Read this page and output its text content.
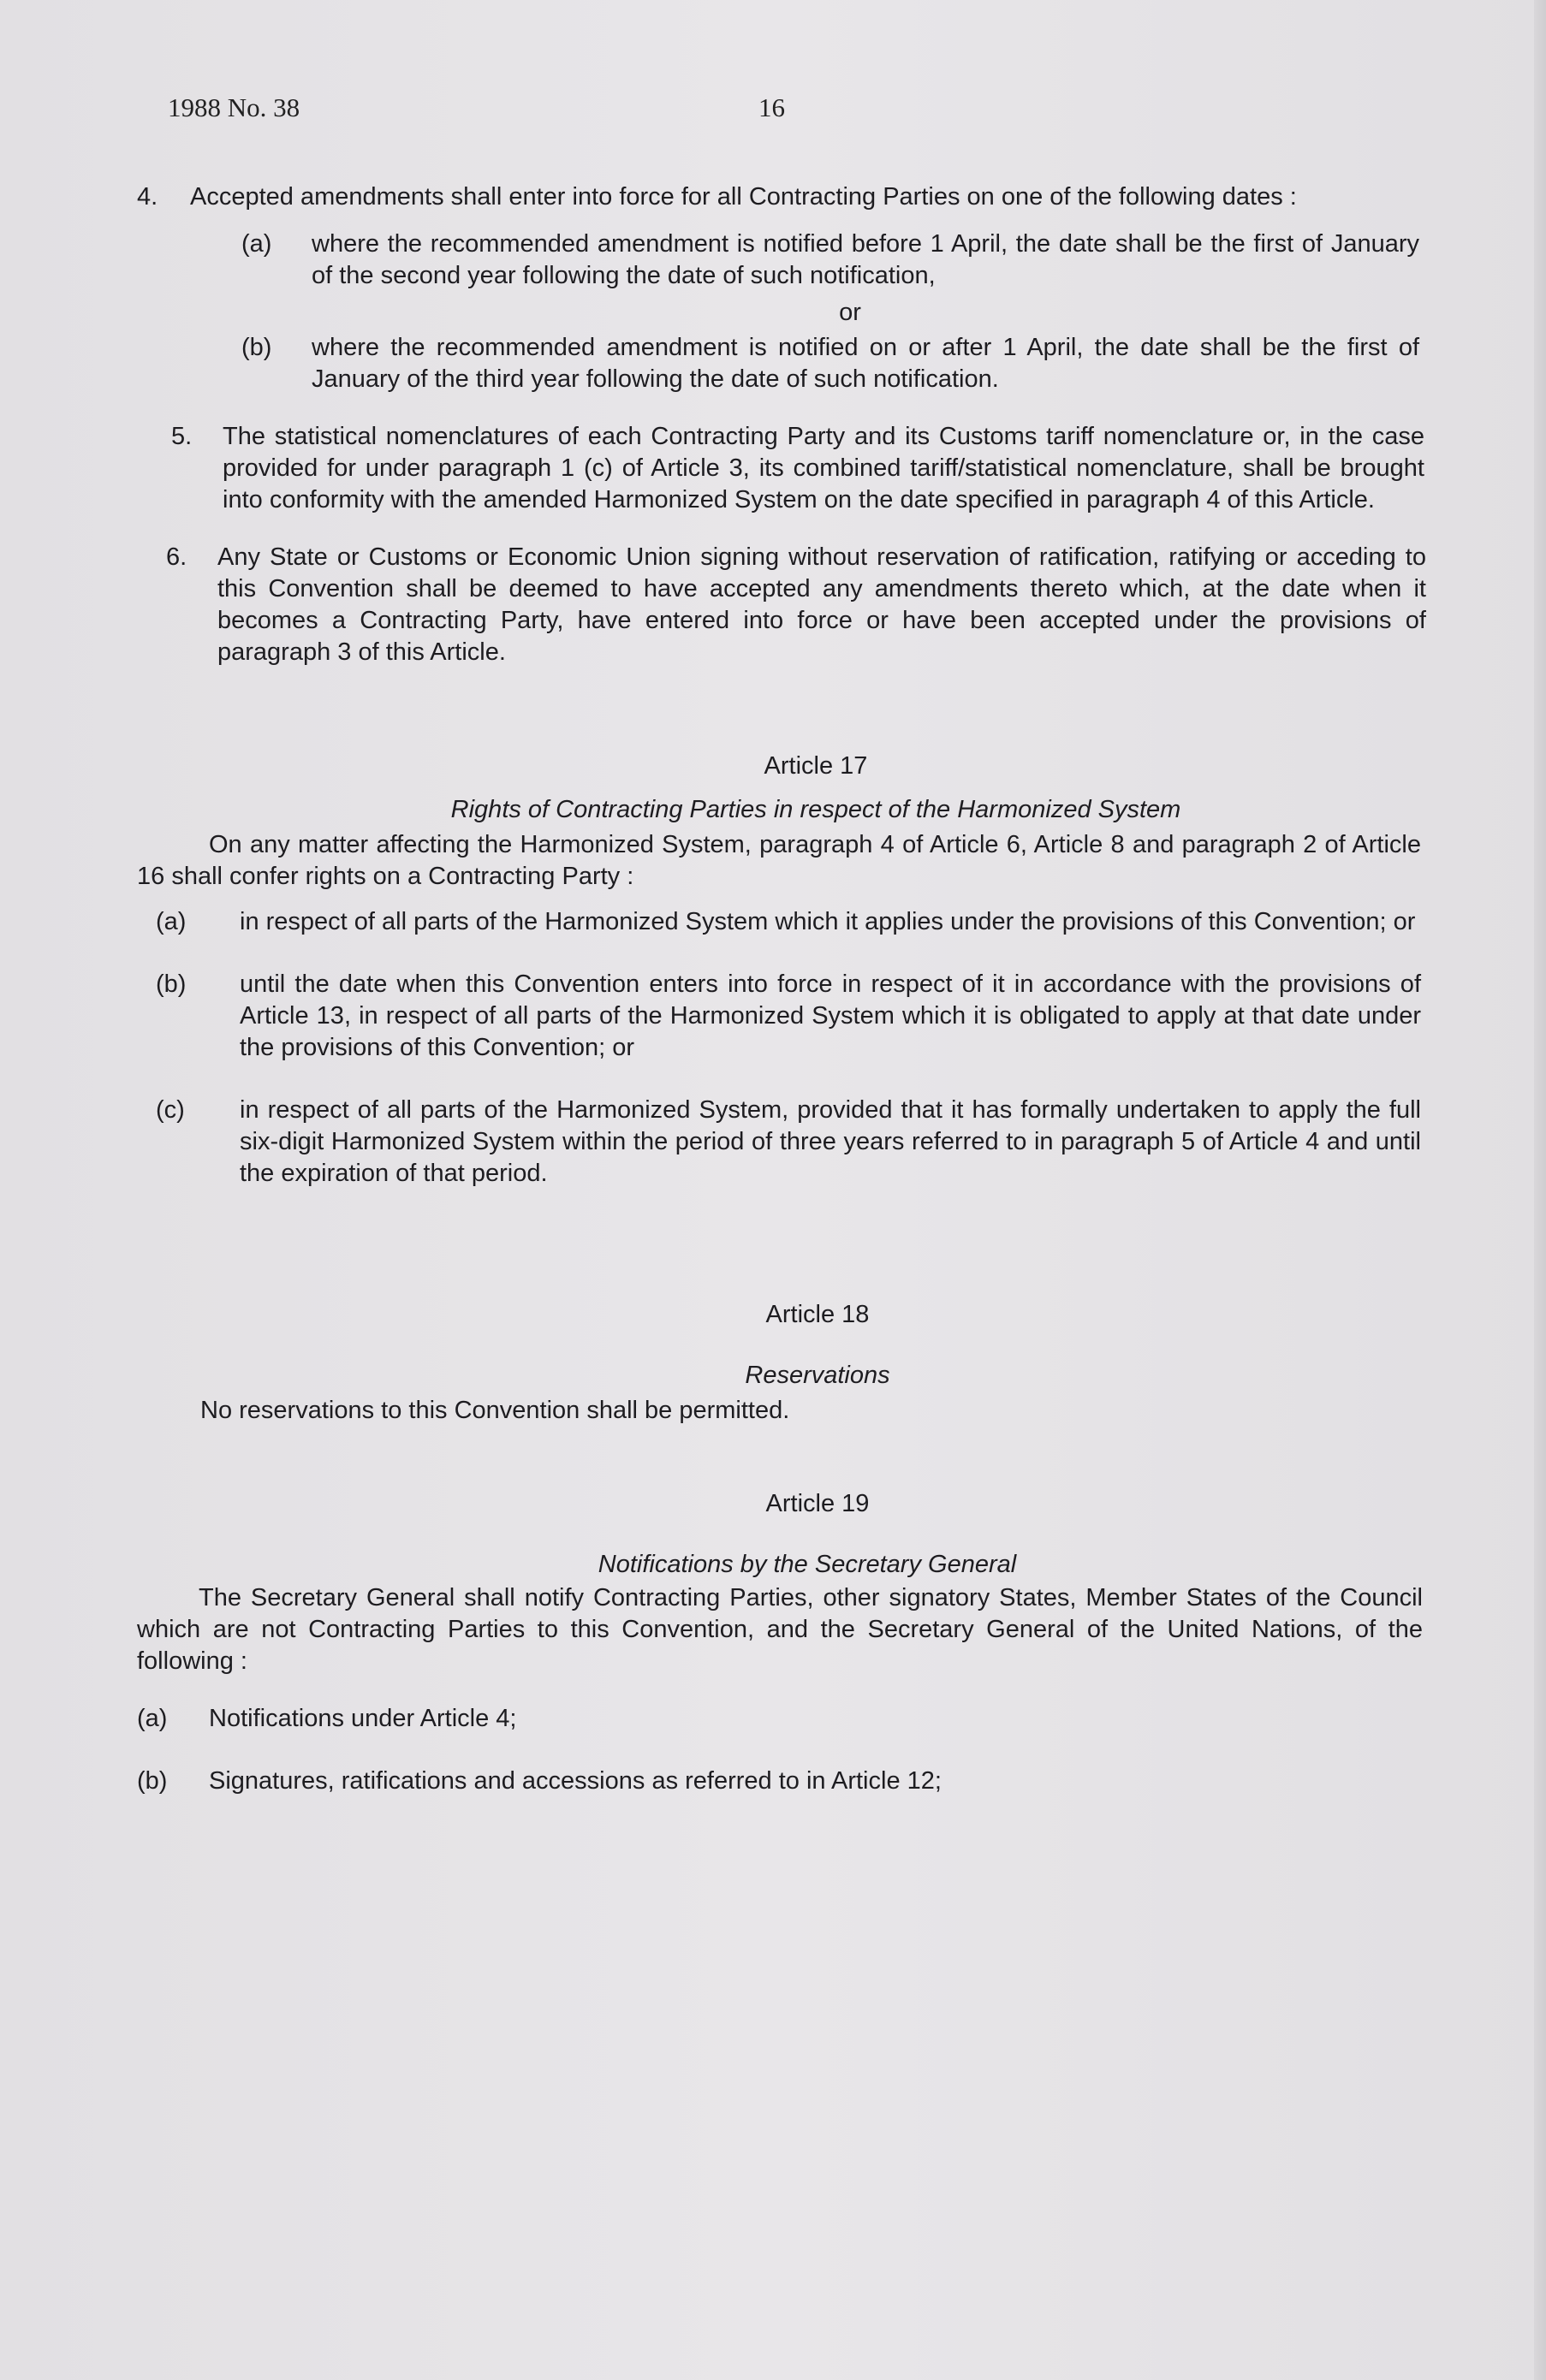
1988 No. 38	16
4.	Accepted amendments shall enter into force for all Contracting Parties on one of the following dates :
(a)	where the recommended amendment is notified before 1 April, the date shall be the first of January of the second year following the date of such notification,
or
(b)	where the recommended amendment is notified on or after 1 April, the date shall be the first of January of the third year following the date of such notification.
5.	The statistical nomenclatures of each Contracting Party and its Customs tariff nomenclature or, in the case provided for under paragraph 1 (c) of Article 3, its combined tariff/statistical nomenclature, shall be brought into conformity with the amended Harmonized System on the date specified in paragraph 4 of this Article.
6.	Any State or Customs or Economic Union signing without reservation of ratification, ratifying or acceding to this Convention shall be deemed to have accepted any amendments thereto which, at the date when it becomes a Contracting Party, have entered into force or have been accepted under the provisions of paragraph 3 of this Article.
Article 17
Rights of Contracting Parties in respect of the Harmonized System
On any matter affecting the Harmonized System, paragraph 4 of Article 6, Article 8 and paragraph 2 of Article 16 shall confer rights on a Contracting Party :
(a)	in respect of all parts of the Harmonized System which it applies under the provisions of this Convention; or
(b)	until the date when this Convention enters into force in respect of it in accordance with the provisions of Article 13, in respect of all parts of the Harmonized System which it is obligated to apply at that date under the provisions of this Convention; or
(c)	in respect of all parts of the Harmonized System, provided that it has formally undertaken to apply the full six-digit Harmonized System within the period of three years referred to in paragraph 5 of Article 4 and until the expiration of that period.
Article 18
Reservations
No reservations to this Convention shall be permitted.
Article 19
Notifications by the Secretary General
The Secretary General shall notify Contracting Parties, other signatory States, Member States of the Council which are not Contracting Parties to this Convention, and the Secretary General of the United Nations, of the following :
(a)	Notifications under Article 4;
(b)	Signatures, ratifications and accessions as referred to in Article 12;
